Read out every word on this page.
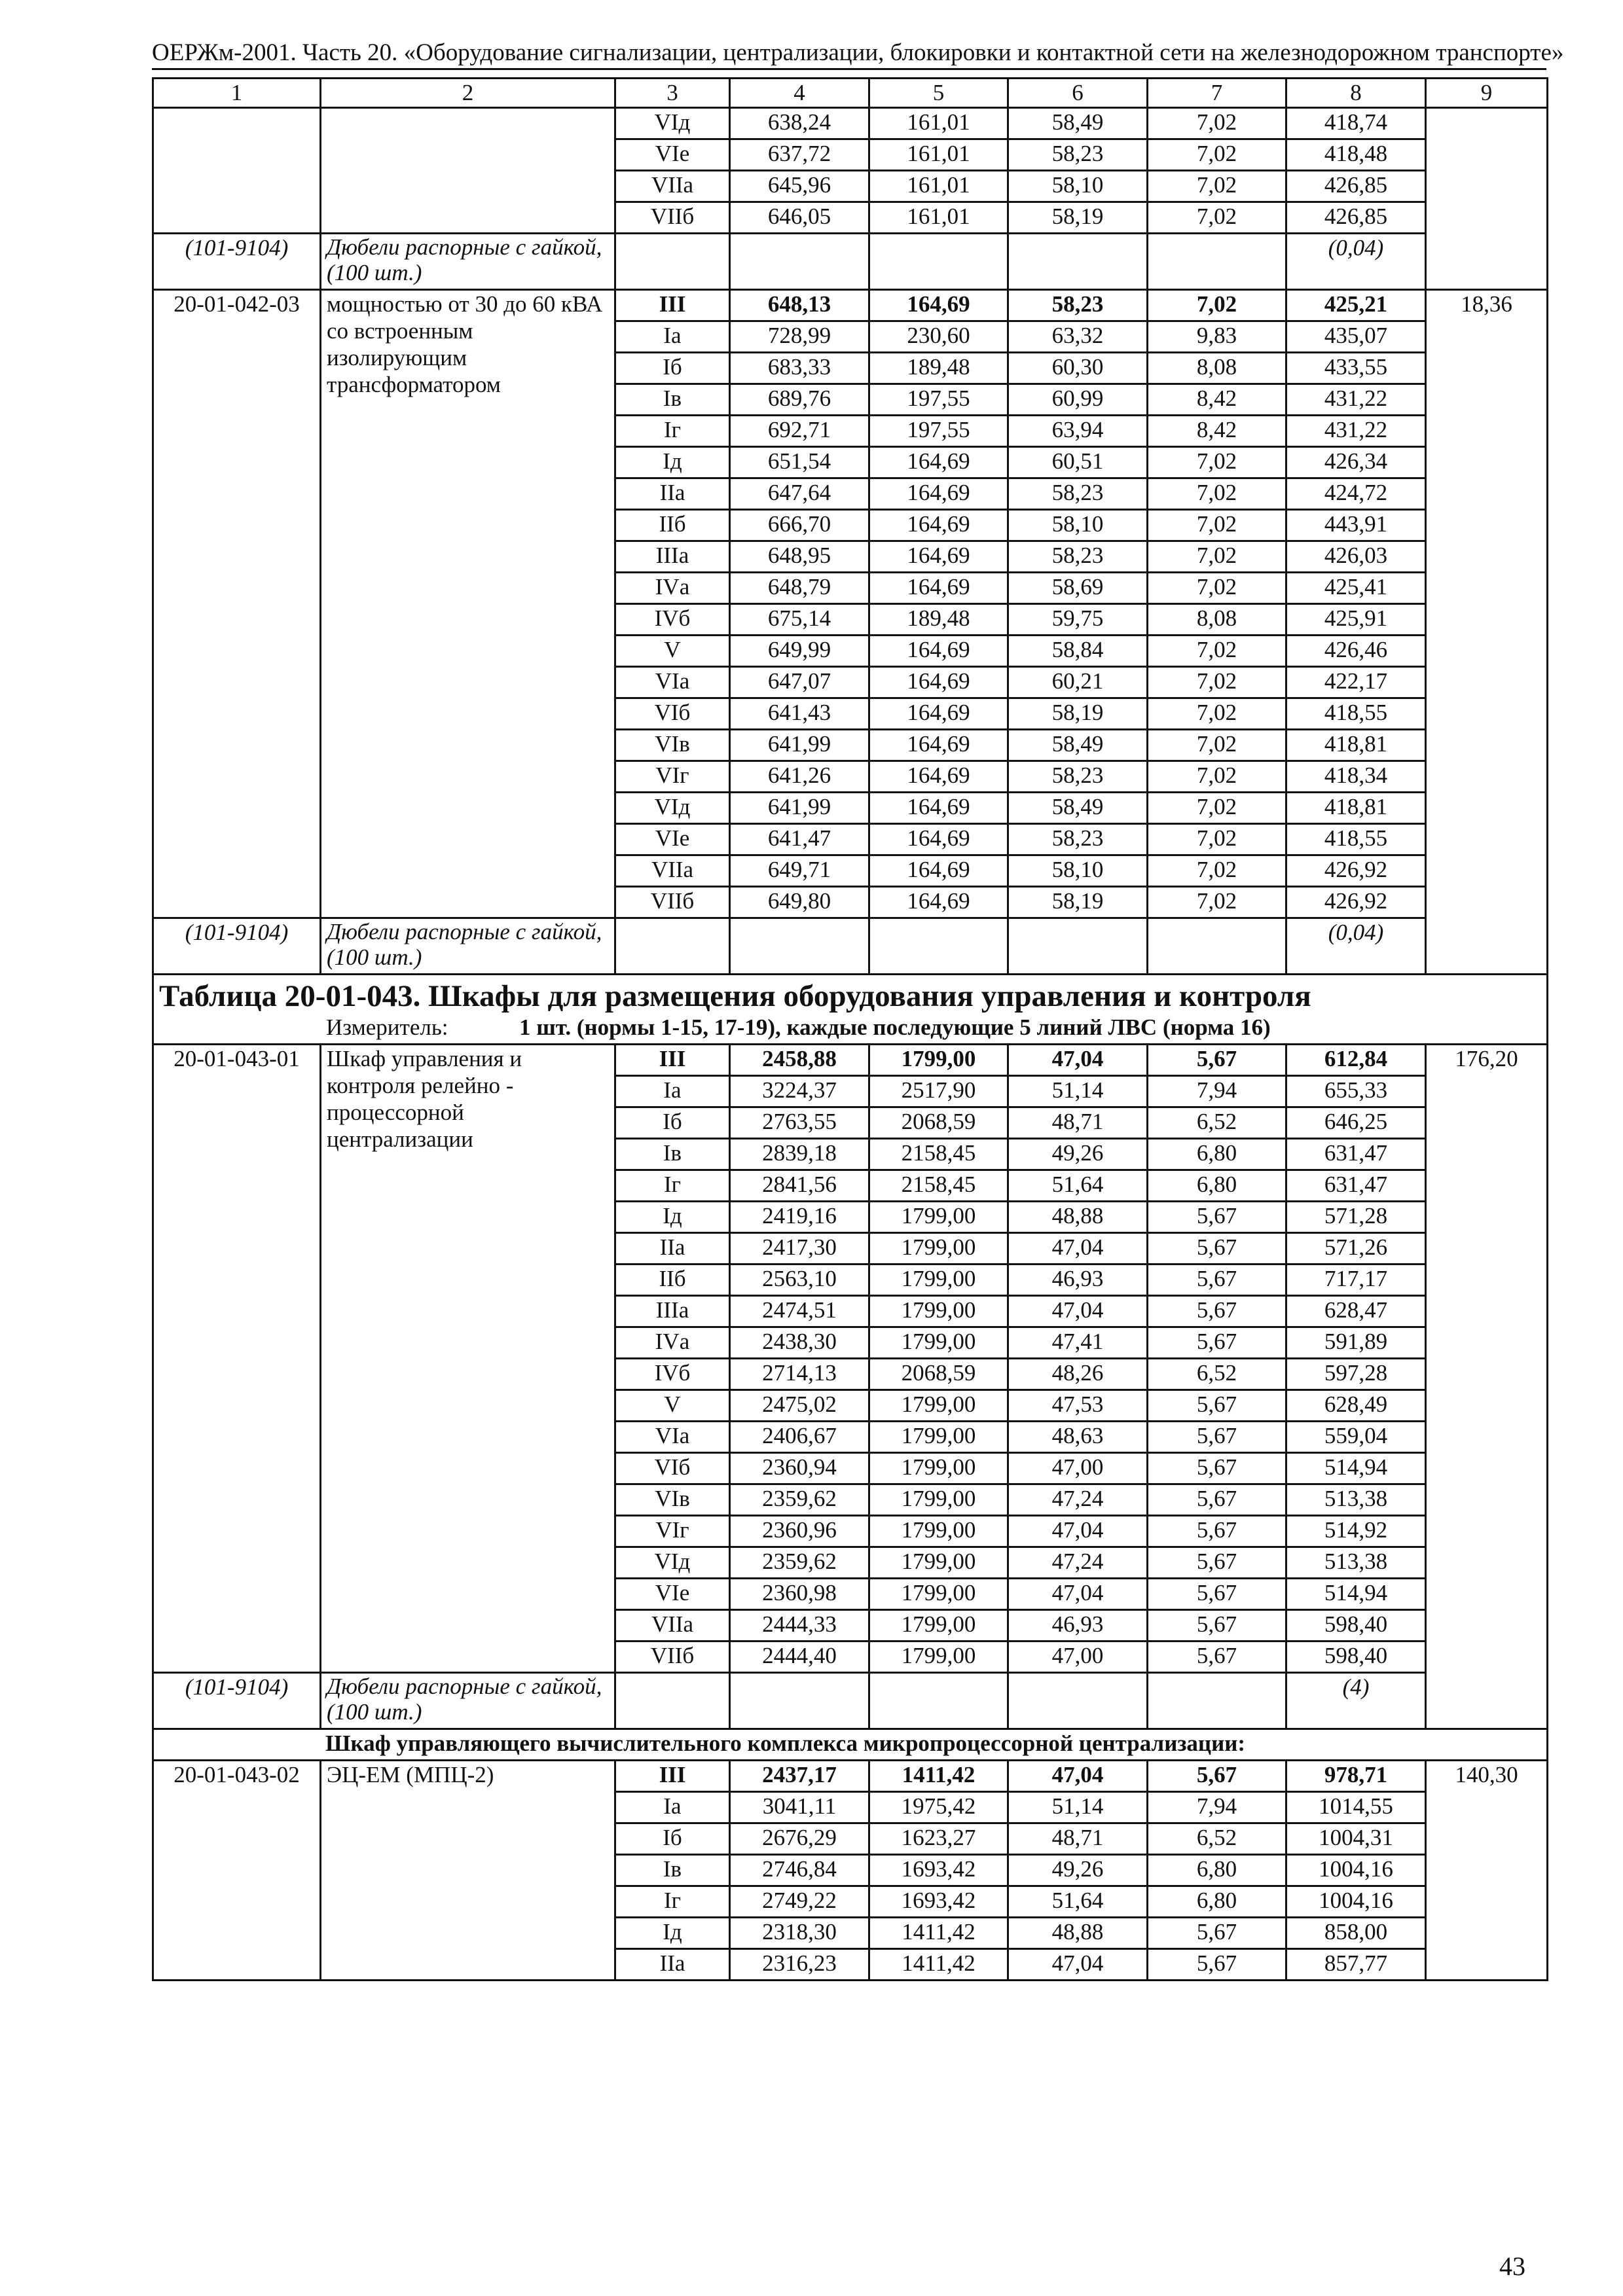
ОЕРЖм-2001. Часть 20. «Оборудование сигнализации, централизации, блокировки и контактной сети на железнодорожном транспорте»
1	2	3	4	5	6	7	8	9
		VIд	638,24	161,01	58,49	7,02	418,74	
		VIе	637,72	161,01	58,23	7,02	418,48	
		VIIа	645,96	161,01	58,10	7,02	426,85	
		VIIб	646,05	161,01	58,19	7,02	426,85	

(101-9104)	Дюбели распорные с гайкой, (100 шт.)						(0,04)	
20-01-042-03	мощностью от 30 до 60 кВА со встроенным изолирующим трансформатором	III	648,13	164,69	58,23	7,02	425,21	18,36
		Iа	728,99	230,60	63,32	9,83	435,07	
		Iб	683,33	189,48	60,30	8,08	433,55	
		Iв	689,76	197,55	60,99	8,42	431,22	
		Iг	692,71	197,55	63,94	8,42	431,22	
		Iд	651,54	164,69	60,51	7,02	426,34	
		IIа	647,64	164,69	58,23	7,02	424,72	
		IIб	666,70	164,69	58,10	7,02	443,91	
		IIIа	648,95	164,69	58,23	7,02	426,03	
		IVа	648,79	164,69	58,69	7,02	425,41	
		IVб	675,14	189,48	59,75	8,08	425,91	
		V	649,99	164,69	58,84	7,02	426,46	
		VIа	647,07	164,69	60,21	7,02	422,17	
		VIб	641,43	164,69	58,19	7,02	418,55	
		VIв	641,99	164,69	58,49	7,02	418,81	
		VIг	641,26	164,69	58,23	7,02	418,34	
		VIд	641,99	164,69	58,49	7,02	418,81	
		VIе	641,47	164,69	58,23	7,02	418,55	
		VIIа	649,71	164,69	58,10	7,02	426,92	
		VIIб	649,80	164,69	58,19	7,02	426,92	

(101-9104)	Дюбели распорные с гайкой, (100 шт.)						(0,04)	

Таблица 20-01-043. Шкафы для размещения оборудования управления и контроля
Измеритель: 1 шт. (нормы 1-15, 17-19), каждые последующие 5 линий ЛВС (норма 16)								

20-01-043-01	Шкаф управления и контроля релейно - процессорной централизации	III	2458,88	1799,00	47,04	5,67	612,84	176,20
		Iа	3224,37	2517,90	51,14	7,94	655,33	
		Iб	2763,55	2068,59	48,71	6,52	646,25	
		Iв	2839,18	2158,45	49,26	6,80	631,47	
		Iг	2841,56	2158,45	51,64	6,80	631,47	
		Iд	2419,16	1799,00	48,88	5,67	571,28	
		IIа	2417,30	1799,00	47,04	5,67	571,26	
		IIб	2563,10	1799,00	46,93	5,67	717,17	
		IIIа	2474,51	1799,00	47,04	5,67	628,47	
		IVа	2438,30	1799,00	47,41	5,67	591,89	
		IVб	2714,13	2068,59	48,26	6,52	597,28	
		V	2475,02	1799,00	47,53	5,67	628,49	
		VIа	2406,67	1799,00	48,63	5,67	559,04	
		VIб	2360,94	1799,00	47,00	5,67	514,94	
		VIв	2359,62	1799,00	47,24	5,67	513,38	
		VIг	2360,96	1799,00	47,04	5,67	514,92	
		VIд	2359,62	1799,00	47,24	5,67	513,38	
		VIе	2360,98	1799,00	47,04	5,67	514,94	
		VIIа	2444,33	1799,00	46,93	5,67	598,40	
		VIIб	2444,40	1799,00	47,00	5,67	598,40	

(101-9104)	Дюбели распорные с гайкой, (100 шт.)						(4)	
Шкаф управляющего вычислительного комплекса микропроцессорной централизации:								
20-01-043-02	ЭЦ-ЕМ (МПЦ-2)	III	2437,17	1411,42	47,04	5,67	978,71	140,30
		Iа	3041,11	1975,42	51,14	7,94	1014,55	
		Iб	2676,29	1623,27	48,71	6,52	1004,31	
		Iв	2746,84	1693,42	49,26	6,80	1004,16	
		Iг	2749,22	1693,42	51,64	6,80	1004,16	
		Iд	2318,30	1411,42	48,88	5,67	858,00	
		IIа	2316,23	1411,42	47,04	5,67	857,77	
43
